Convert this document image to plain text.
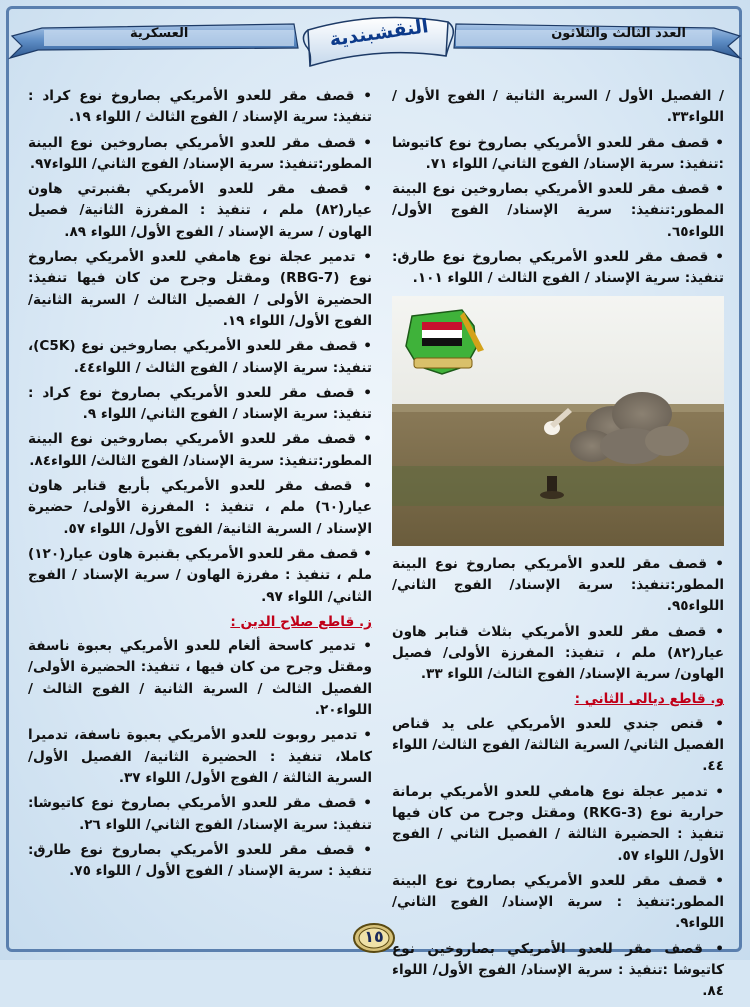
العدد الثالث والثلاثون
العسكرية	النقشبندية
/ الفصيل الأول / السرية الثانية / الفوج الأول / اللواء٣٣.
• قصف مقر للعدو الأمريكي بصاروخ نوع كاتيوشا :تنفيذ: سرية الإسناد/ الفوج الثاني/ اللواء ٧١.
• قصف مقر للعدو الأمريكي بصاروخين نوع البينة المطور:تنفيذ: سرية الإسناد/ الفوج الأول/ اللواء٦٥.
• قصف مقر للعدو الأمريكي بصاروخ نوع طارق: تنفيذ: سرية الإسناد / الفوج الثالث / اللواء ١٠١.
• قصف مقر للعدو الأمريكي بصاروخ نوع البينة المطور:تنفيذ: سرية الإسناد/ الفوج الثاني/ اللواء٩٥.
• قصف مقر للعدو الأمريكي بثلاث قنابر هاون عيار(٨٢) ملم ، تنفيذ: المفرزة الأولى/ فصيل الهاون/ سرية الإسناد/ الفوج الثالث/ اللواء ٣٣.
و. قاطع ديالى الثاني :
• قنص جندي للعدو الأمريكي على يد قناص الفصيل الثاني/ السرية الثالثة/ الفوج الثالث/ اللواء ٤٤.
• تدمير عجلة نوع هامفي للعدو الأمريكي برمانة حرارية نوع (RKG-3) ومقتل وجرح من كان فيها تنفيذ : الحضيرة الثالثة / الفصيل الثاني / الفوج الأول/ اللواء ٥٧.
• قصف مقر للعدو الأمريكي بصاروخ نوع البينة المطور:تنفيذ : سرية الإسناد/ الفوج الثاني/ اللواء٩.
• قصف مقر للعدو الأمريكي بصاروخين نوع كاتيوشا :تنفيذ : سرية الإسناد/ الفوج الأول/ اللواء ٨٤.
• قصف مقر للعدو الأمريكي بصاروخ نوع كراد : تنفيذ: سرية الإسناد / الفوج الثالث / اللواء ١٩.
• قصف مقر للعدو الأمريكي بصاروخين نوع البينة المطور:تنفيذ: سرية الإسناد/ الفوج الثاني/ اللواء٩٧.
• قصف مقر للعدو الأمريكي بقنبرتي هاون عيار(٨٢) ملم ، تنفيذ : المفرزة الثانية/ فصيل الهاون / سرية الإسناد / الفوج الأول/ اللواء ٨٩.
• تدمير عجلة نوع هامفي للعدو الأمريكي بصاروخ نوع (RBG-7) ومقتل وجرح من كان فيها تنفيذ: الحضيرة الأولى / الفصيل الثالث / السرية الثانية/ الفوج الأول/ اللواء ١٩.
• قصف مقر للعدو الأمريكي بصاروخين نوع (C5K)، تنفيذ: سرية الإسناد / الفوج الثالث / اللواء٤٤.
• قصف مقر للعدو الأمريكي بصاروخ نوع كراد : تنفيذ: سرية الإسناد / الفوج الثاني/ اللواء ٩.
• قصف مقر للعدو الأمريكي بصاروخين نوع البينة المطور:تنفيذ: سرية الإسناد/ الفوج الثالث/ اللواء٨٤.
• قصف مقر للعدو الأمريكي بأربع قنابر هاون عيار(٦٠) ملم ، تنفيذ : المفرزة الأولى/ حضيرة الإسناد / السرية الثانية/ الفوج الأول/ اللواء ٥٧.
• قصف مقر للعدو الأمريكي بقنبرة هاون عيار(١٢٠) ملم ، تنفيذ : مفرزة الهاون / سرية الإسناد / الفوج الثاني/ اللواء ٩٧.
ز. قاطع صلاح الدين :
• تدمير كاسحة ألغام للعدو الأمريكي بعبوة ناسفة ومقتل وجرح من كان فيها ، تنفيذ: الحضيرة الأولى/ الفصيل الثالث / السرية الثانية / الفوج الثالث / اللواء٢٠.
• تدمير روبوت للعدو الأمريكي بعبوة ناسفة، تدميرا كاملا، تنفيذ : الحضيرة الثانية/ الفصيل الأول/ السرية الثالثة / الفوج الأول/ اللواء ٣٧.
• قصف مقر للعدو الأمريكي بصاروخ نوع كاتيوشا: تنفيذ: سرية الإسناد/ الفوج الثاني/ اللواء ٢٦.
• قصف مقر للعدو الأمريكي بصاروخ نوع طارق: تنفيذ : سرية الإسناد / الفوج الأول / اللواء ٧٥.
١٥
